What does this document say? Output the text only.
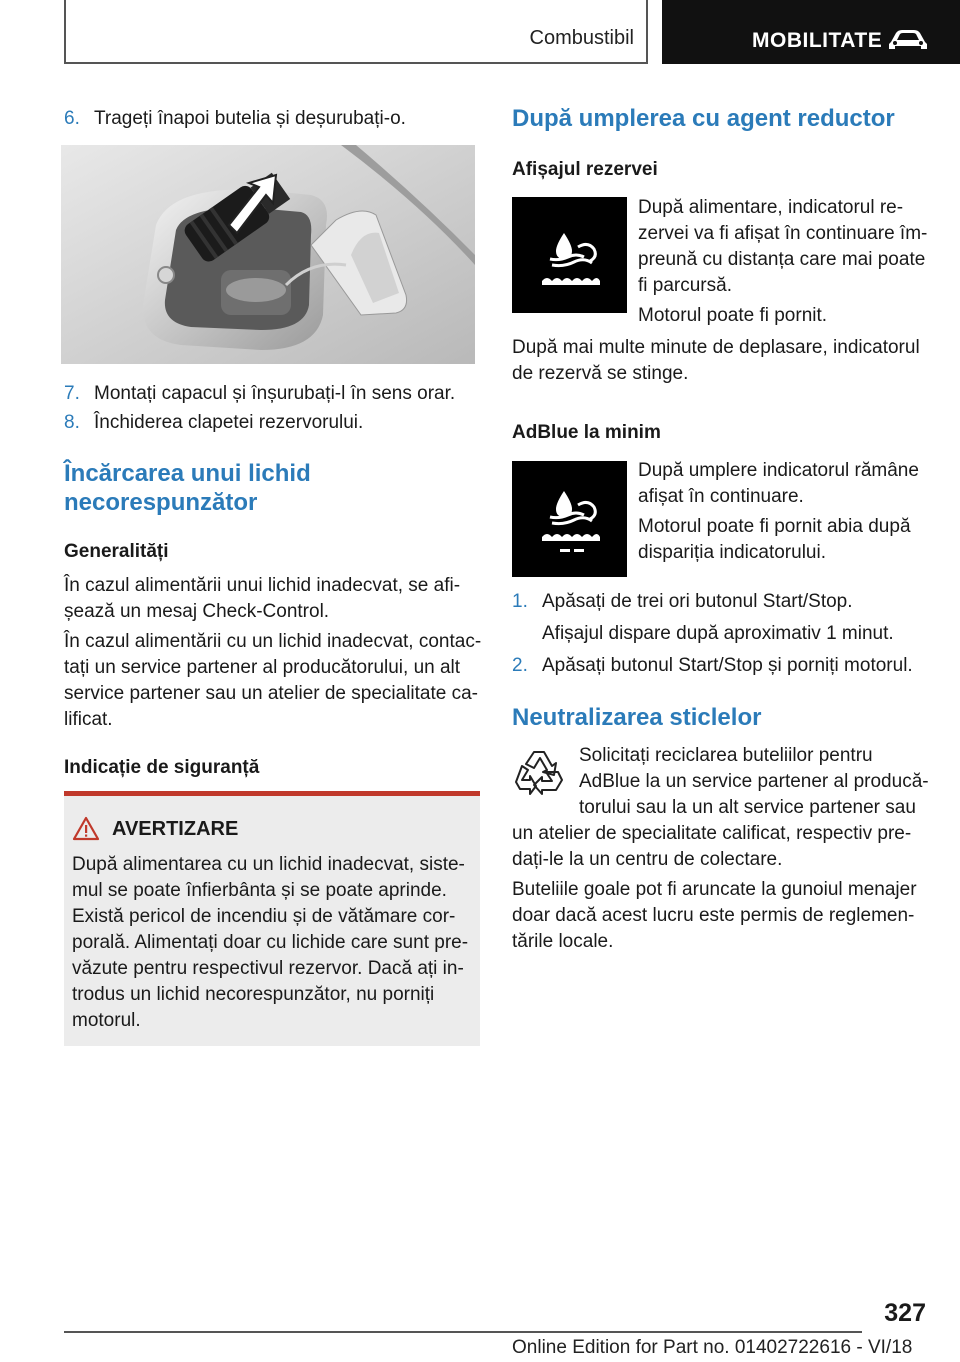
Combustibil	MOBILITATE
6. Trageți înapoi butelia și deșurubați-o.
7. Montați capacul și înșurubați-l în sens orar.
8. Închiderea clapetei rezervorului.
Încărcarea unui lichid
necorespunzător
Generalități
În cazul alimentării unui lichid inadecvat, se afi-
șează un mesaj Check-Control.
În cazul alimentării cu un lichid inadecvat, contac-
tați un service partener al producătorului, un alt
service partener sau un atelier de specialitate ca-
lificat.
Indicație de siguranță
AVERTIZARE
După alimentarea cu un lichid inadecvat, siste-
mul se poate înfierbânta și se poate aprinde.
Există pericol de incendiu și de vătămare cor-
porală. Alimentați doar cu lichide care sunt pre-
văzute pentru respectivul rezervor. Dacă ați in-
trodus un lichid necorespunzător, nu porniți
motorul.
După umplerea cu agent reductor
Afișajul rezervei
După alimentare, indicatorul re-
zervei va fi afișat în continuare îm-
preună cu distanța care mai poate
fi parcursă.
Motorul poate fi pornit.
După mai multe minute de deplasare, indicatorul
de rezervă se stinge.
AdBlue la minim
După umplere indicatorul rămâne
afișat în continuare.
Motorul poate fi pornit abia după
dispariția indicatorului.
1. Apăsați de trei ori butonul Start/Stop.
Afișajul dispare după aproximativ 1 minut.
2. Apăsați butonul Start/Stop și porniți motorul.
Neutralizarea sticlelor
Solicitați reciclarea buteliilor pentru
AdBlue la un service partener al producă-
torului sau la un alt service partener sau
un atelier de specialitate calificat, respectiv pre-
dați-le la un centru de colectare.
Buteliile goale pot fi aruncate la gunoiul menajer
doar dacă acest lucru este permis de reglemen-
tările locale.
327
Online Edition for Part no. 01402722616 - VI/18
